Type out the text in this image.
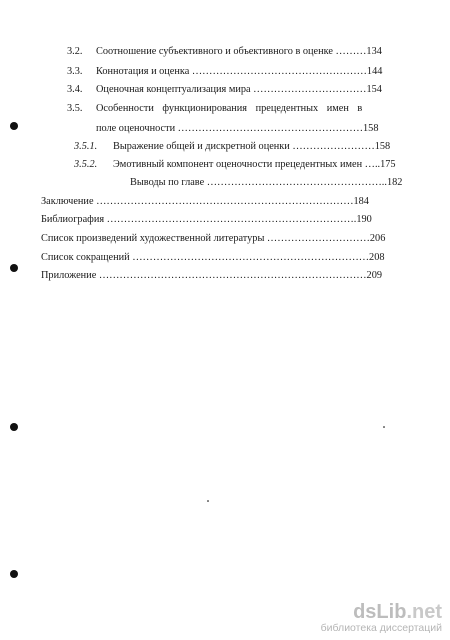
3.2. Соотношение субъективного и объективного в оценке ………134
3.3. Коннотация и оценка ……………………………………………144
3.4. Оценочная концептуализация мира ……………………………154
3.5. Особенности функционирования прецедентных имен в
поле оценочности ………………………………………………158
3.5.1. Выражение общей и дискретной оценки ……………………158
3.5.2. Эмотивный компонент оценочности прецедентных имен …..175
Выводы по главе ……………………………………………..182
Заключение …………………………………………………………………184
Библиография ……………………………………………………………….190
Список произведений художественной литературы …………………………206
Список сокращений ……………………………………………………………208
Приложение ……………………………………………………………………209
dsLib.net
библиотека диссертаций
